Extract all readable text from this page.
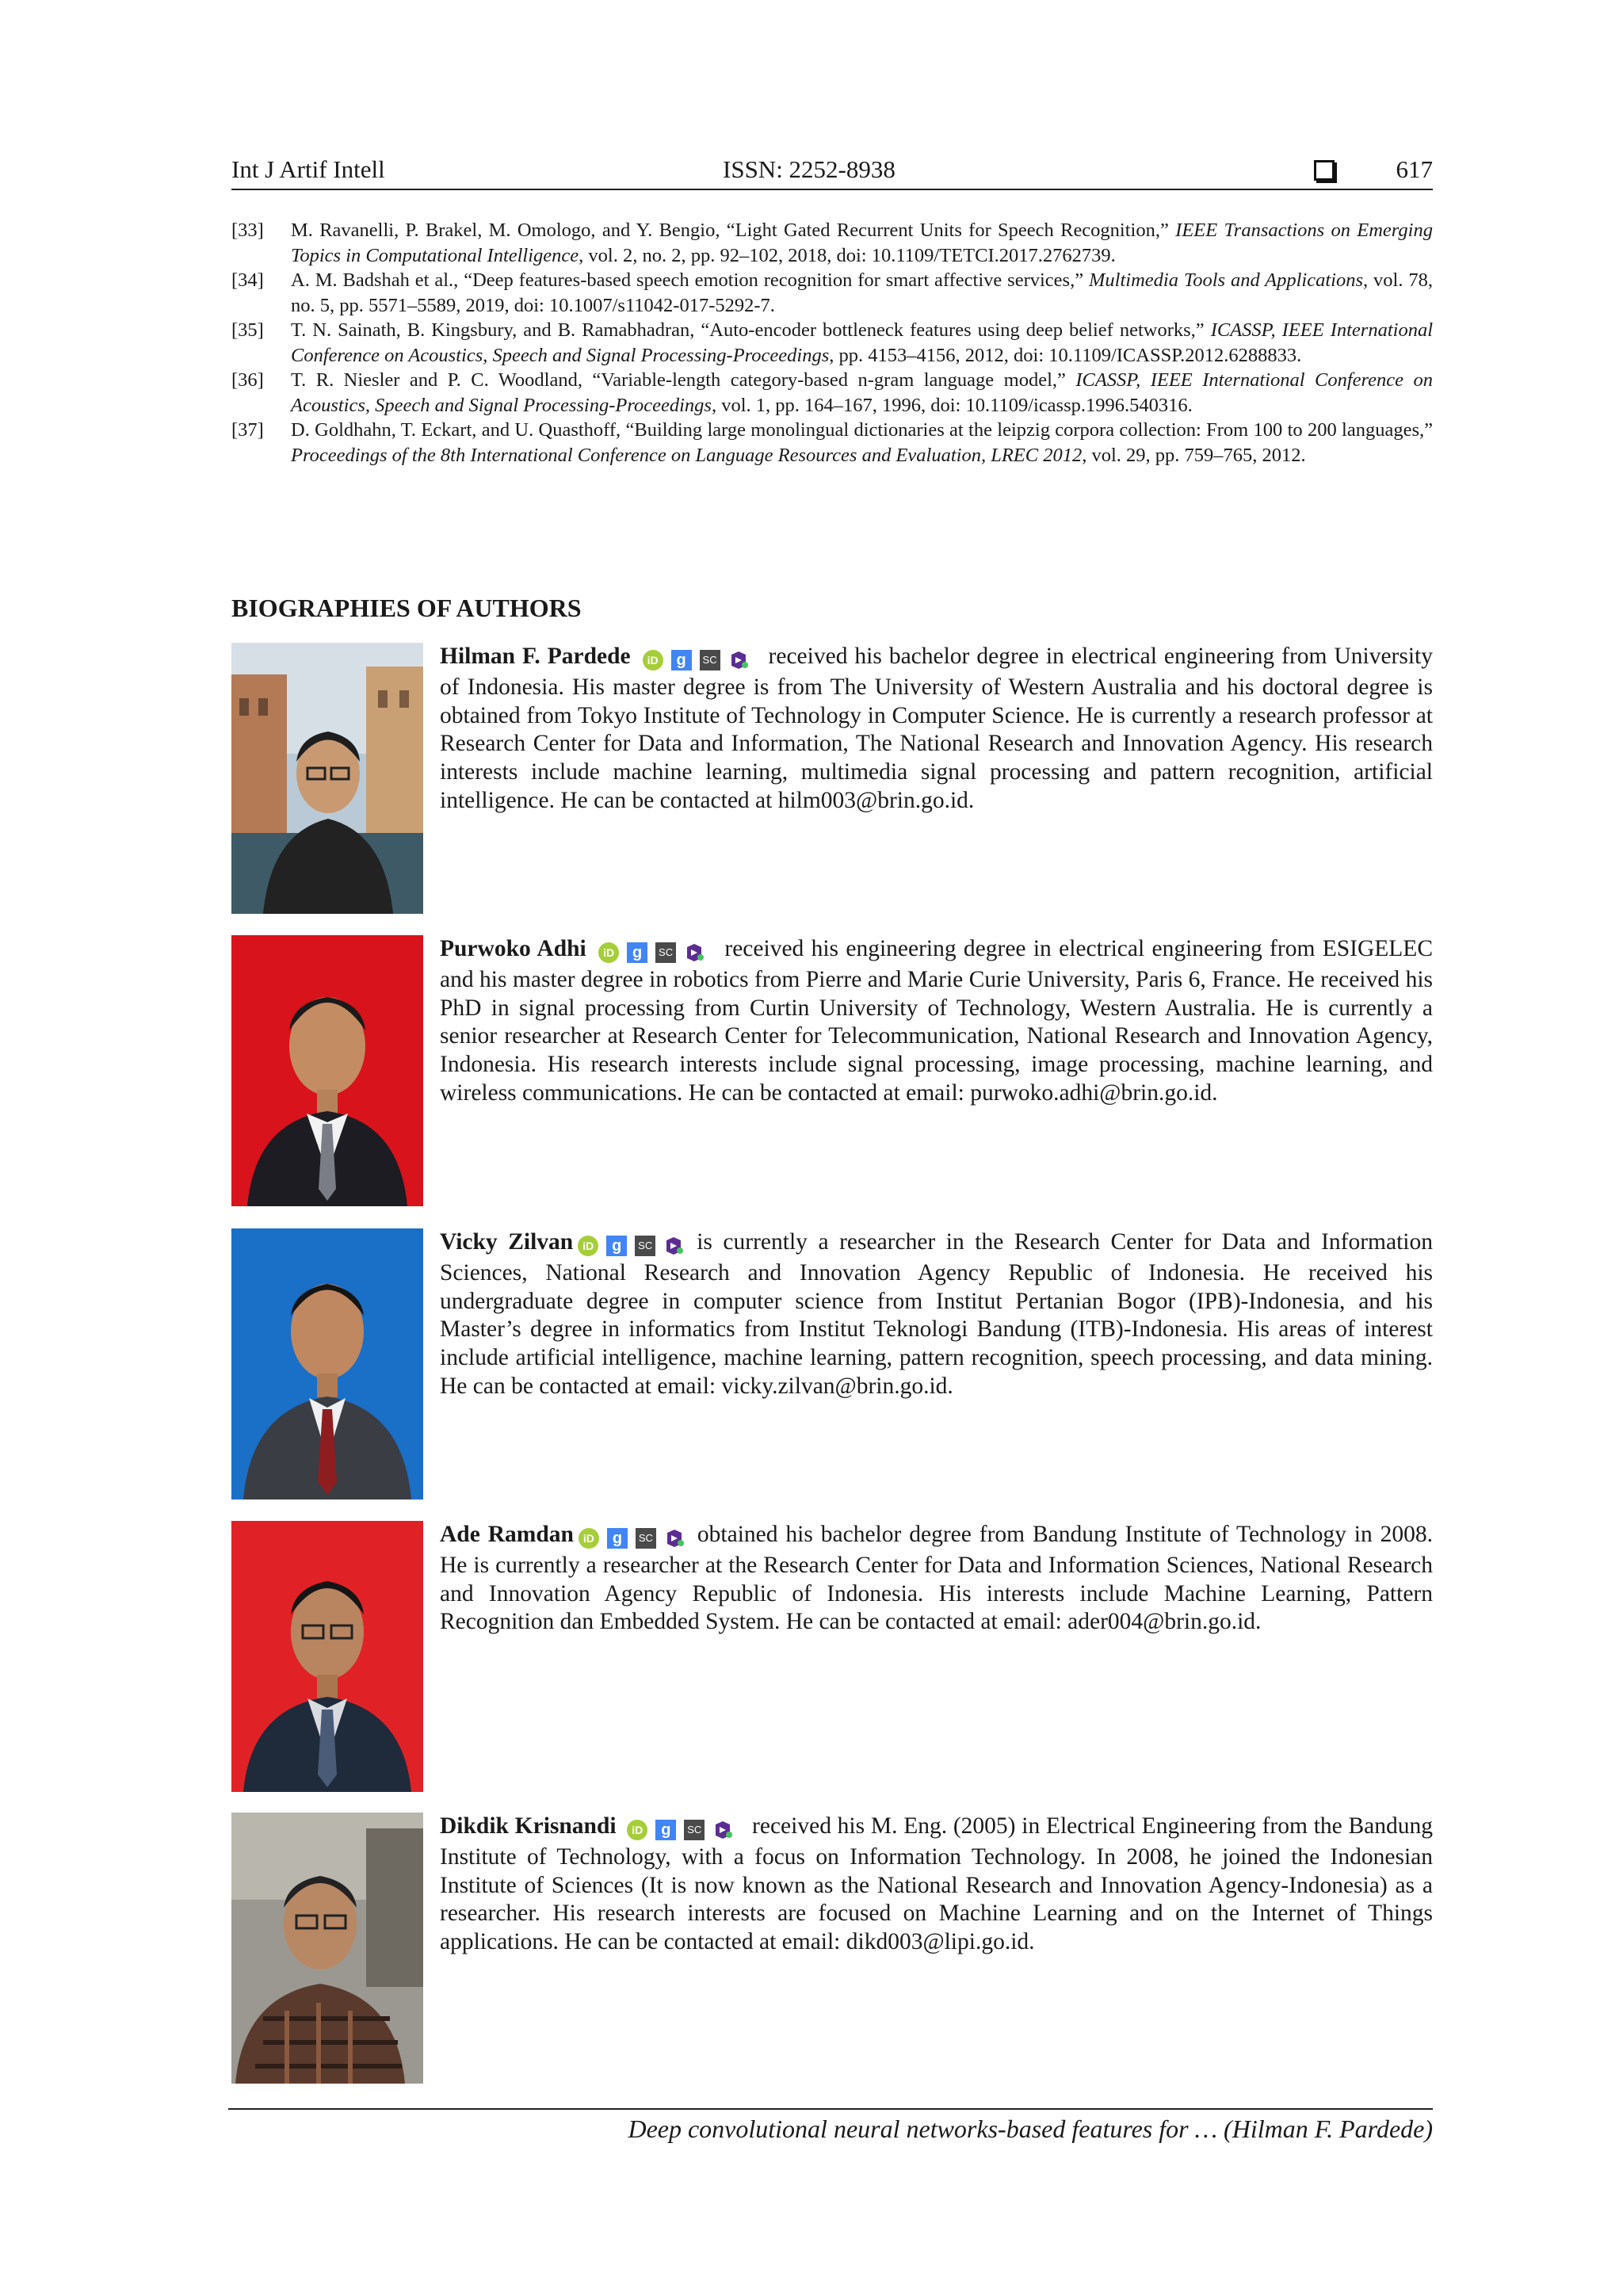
Int J Artif Intell	ISSN: 2252-8938	617
[33] M. Ravanelli, P. Brakel, M. Omologo, and Y. Bengio, “Light Gated Recurrent Units for Speech Recognition,” IEEE Transactions on Emerging Topics in Computational Intelligence, vol. 2, no. 2, pp. 92–102, 2018, doi: 10.1109/TETCI.2017.2762739.
[34] A. M. Badshah et al., “Deep features-based speech emotion recognition for smart affective services,” Multimedia Tools and Applications, vol. 78, no. 5, pp. 5571–5589, 2019, doi: 10.1007/s11042-017-5292-7.
[35] T. N. Sainath, B. Kingsbury, and B. Ramabhadran, “Auto-encoder bottleneck features using deep belief networks,” ICASSP, IEEE International Conference on Acoustics, Speech and Signal Processing-Proceedings, pp. 4153–4156, 2012, doi: 10.1109/ICASSP.2012.6288833.
[36] T. R. Niesler and P. C. Woodland, “Variable-length category-based n-gram language model,” ICASSP, IEEE International Conference on Acoustics, Speech and Signal Processing-Proceedings, vol. 1, pp. 164–167, 1996, doi: 10.1109/icassp.1996.540316.
[37] D. Goldhahn, T. Eckart, and U. Quasthoff, “Building large monolingual dictionaries at the leipzig corpora collection: From 100 to 200 languages,” Proceedings of the 8th International Conference on Language Resources and Evaluation, LREC 2012, vol. 29, pp. 759–765, 2012.
BIOGRAPHIES OF AUTHORS
Hilman F. Pardede iD g SC received his bachelor degree in electrical engineering from University of Indonesia. His master degree is from The University of Western Australia and his doctoral degree is obtained from Tokyo Institute of Technology in Computer Science. He is currently a research professor at Research Center for Data and Information, The National Research and Innovation Agency. His research interests include machine learning, multimedia signal processing and pattern recognition, artificial intelligence. He can be contacted at hilm003@brin.go.id.
Purwoko Adhi iD g SC received his engineering degree in electrical engineering from ESIGELEC and his master degree in robotics from Pierre and Marie Curie University, Paris 6, France. He received his PhD in signal processing from Curtin University of Technology, Western Australia. He is currently a senior researcher at Research Center for Telecommunication, National Research and Innovation Agency, Indonesia. His research interests include signal processing, image processing, machine learning, and wireless communications. He can be contacted at email: purwoko.adhi@brin.go.id.
Vicky Zilvan iD g SC is currently a researcher in the Research Center for Data and Information Sciences, National Research and Innovation Agency Republic of Indonesia. He received his undergraduate degree in computer science from Institut Pertanian Bogor (IPB)-Indonesia, and his Master’s degree in informatics from Institut Teknologi Bandung (ITB)-Indonesia. His areas of interest include artificial intelligence, machine learning, pattern recognition, speech processing, and data mining. He can be contacted at email: vicky.zilvan@brin.go.id.
Ade Ramdan iD g SC obtained his bachelor degree from Bandung Institute of Technology in 2008. He is currently a researcher at the Research Center for Data and Information Sciences, National Research and Innovation Agency Republic of Indonesia. His interests include Machine Learning, Pattern Recognition dan Embedded System. He can be contacted at email: ader004@brin.go.id.
Dikdik Krisnandi iD g SC received his M. Eng. (2005) in Electrical Engineering from the Bandung Institute of Technology, with a focus on Information Technology. In 2008, he joined the Indonesian Institute of Sciences (It is now known as the National Research and Innovation Agency-Indonesia) as a researcher. His research interests are focused on Machine Learning and on the Internet of Things applications. He can be contacted at email: dikd003@lipi.go.id.
Deep convolutional neural networks-based features for … (Hilman F. Pardede)
